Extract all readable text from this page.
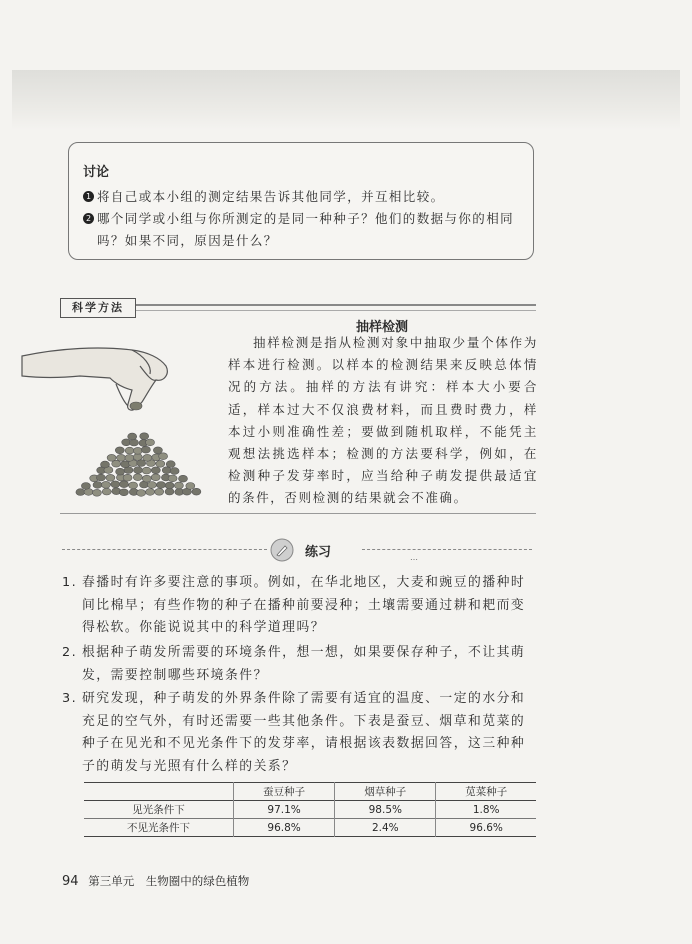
讨论
1 将自己或本小组的测定结果告诉其他同学，并互相比较。
2 哪个同学或小组与你所测定的是同一种种子？他们的数据与你的相同吗？如果不同，原因是什么？
科学方法
抽样检测
抽样检测是指从检测对象中抽取少量个体作为样本进行检测。以样本的检测结果来反映总体情况的方法。抽样的方法有讲究：样本大小要合适，样本过大不仅浪费材料，而且费时费力，样本过小则准确性差；要做到随机取样，不能凭主观想法挑选样本；检测的方法要科学，例如，在检测种子发芽率时，应当给种子萌发提供最适宜的条件，否则检测的结果就会不准确。
练习	…
1. 春播时有许多要注意的事项。例如，在华北地区，大麦和豌豆的播种时间比棉早；有些作物的种子在播种前要浸种；土壤需要通过耕和耙而变得松软。你能说说其中的科学道理吗？
2. 根据种子萌发所需要的环境条件，想一想，如果要保存种子，不让其萌发，需要控制哪些环境条件？
3. 研究发现，种子萌发的外界条件除了需要有适宜的温度、一定的水分和充足的空气外，有时还需要一些其他条件。下表是蚕豆、烟草和苋菜的种子在见光和不见光条件下的发芽率，请根据该表数据回答，这三种种子的萌发与光照有什么样的关系？
	蚕豆种子	烟草种子	苋菜种子
见光条件下	97.1%	98.5%	1.8%
不见光条件下	96.8%	2.4%	96.6%
94 第三单元　生物圈中的绿色植物
